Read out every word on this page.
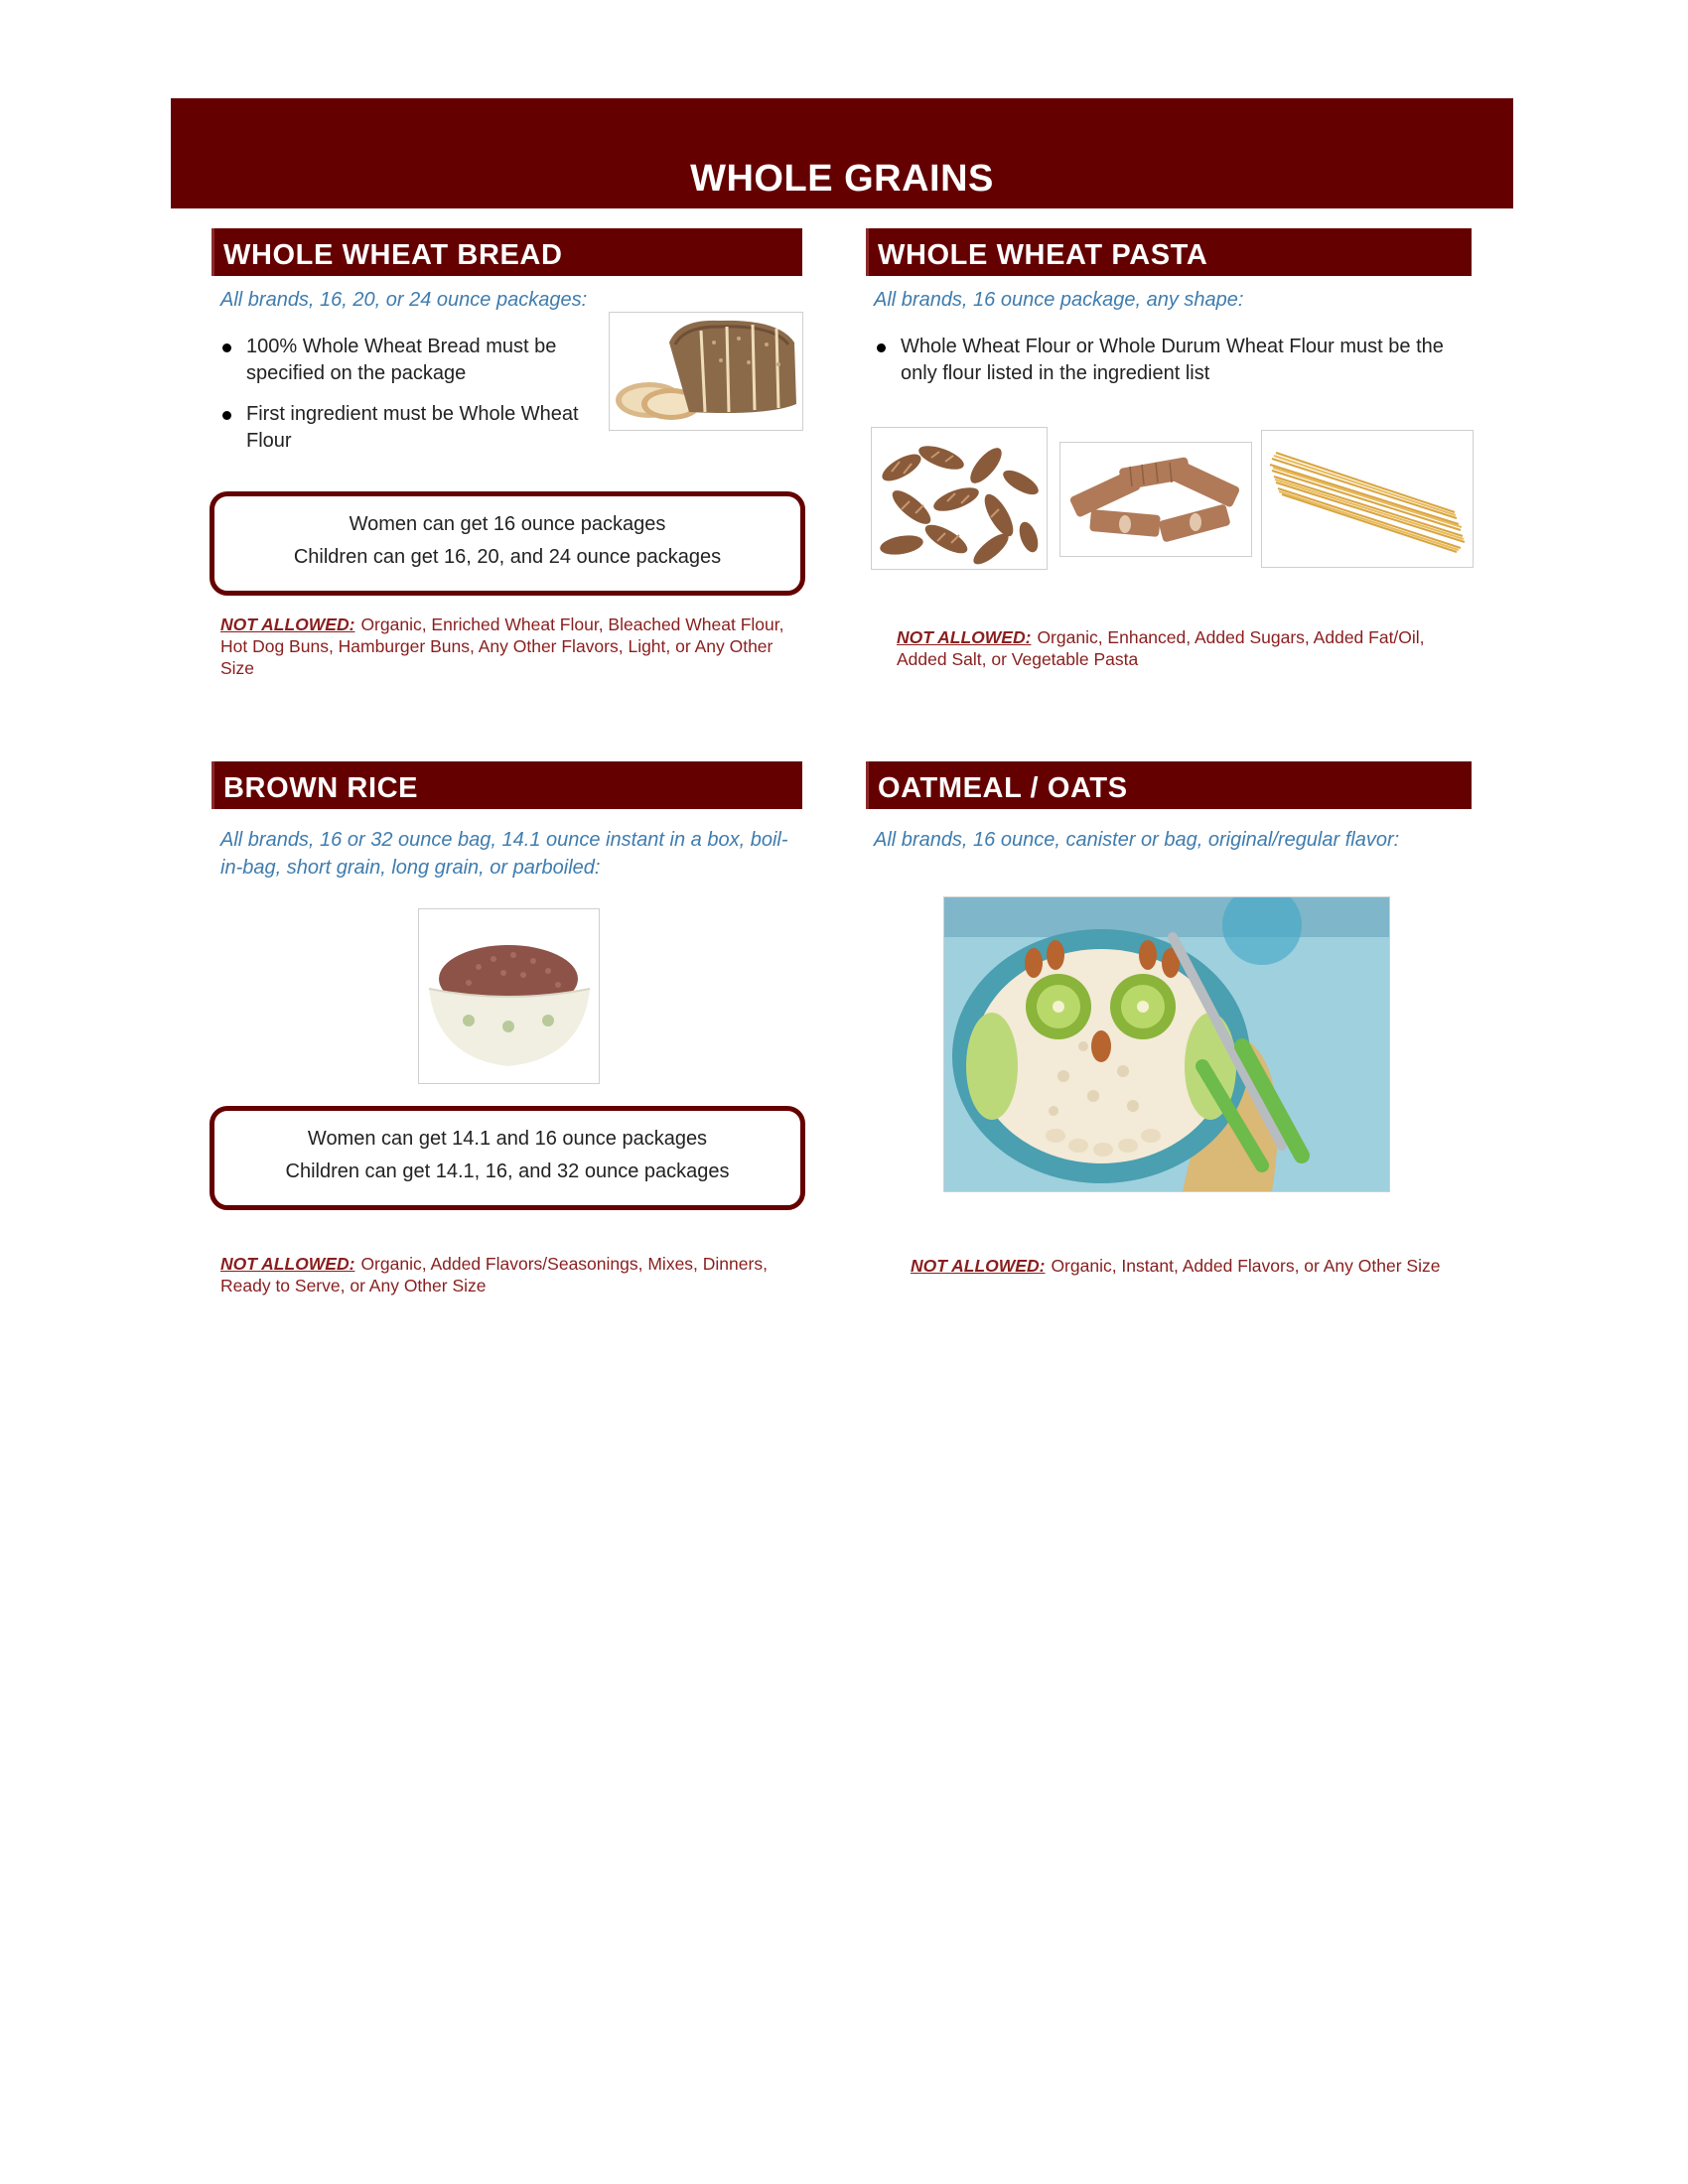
WHOLE GRAINS
WHOLE WHEAT BREAD
All brands, 16, 20, or 24 ounce packages:
100% Whole Wheat Bread must be specified on the package
First ingredient must be Whole Wheat Flour
Women can get 16 ounce packages
Children can get 16, 20, and 24 ounce packages
NOT ALLOWED: Organic, Enriched Wheat Flour, Bleached Wheat Flour, Hot Dog Buns, Hamburger Buns, Any Other Flavors, Light, or Any Other Size
WHOLE WHEAT PASTA
All brands, 16 ounce package, any shape:
Whole Wheat Flour or Whole Durum Wheat Flour must be the only flour listed in the ingredient list
NOT ALLOWED: Organic, Enhanced, Added Sugars, Added Fat/Oil, Added Salt, or Vegetable Pasta
BROWN RICE
All brands, 16 or 32 ounce bag, 14.1 ounce instant in a box, boil-in-bag, short grain, long grain, or parboiled:
Women can get 14.1 and 16 ounce packages
Children can get 14.1, 16, and 32 ounce packages
NOT ALLOWED: Organic, Added Flavors/Seasonings, Mixes, Dinners, Ready to Serve, or Any Other Size
OATMEAL / OATS
All brands, 16 ounce, canister or bag, original/regular flavor:
NOT ALLOWED: Organic, Instant, Added Flavors, or Any Other Size
